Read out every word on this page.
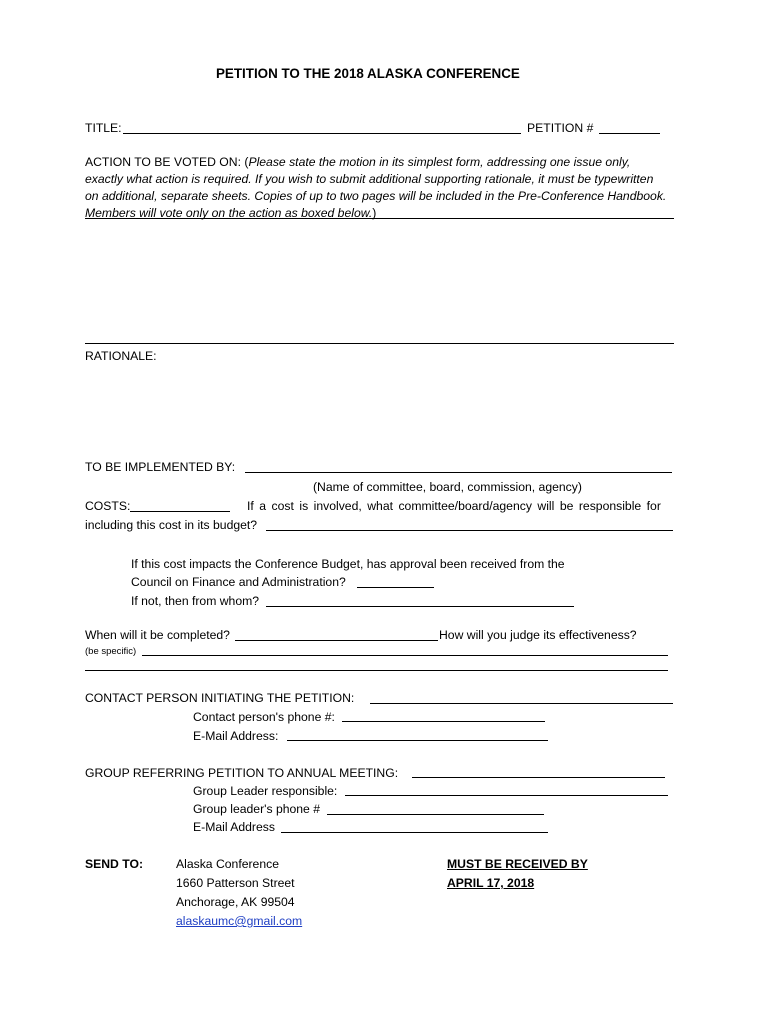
PETITION TO THE 2018 ALASKA CONFERENCE
TITLE:	PETITION #
ACTION TO BE VOTED ON: (Please state the motion in its simplest form, addressing one issue only,
exactly what action is required. If you wish to submit additional supporting rationale, it must be typewritten
on additional, separate sheets. Copies of up to two pages will be included in the Pre-Conference Handbook.
Members will vote only on the action as boxed below.)
RATIONALE:
TO BE IMPLEMENTED BY:
(Name of committee, board, commission, agency)
COSTS:	If a cost is involved, what committee/board/agency will be responsible for
including this cost in its budget?
If this cost impacts the Conference Budget, has approval been received from the
Council on Finance and Administration?
If not, then from whom?
When will it be completed?	How will you judge its effectiveness?
(be specific)
CONTACT PERSON INITIATING THE PETITION:
Contact person's phone #:
E-Mail Address:
GROUP REFERRING PETITION TO ANNUAL MEETING:
Group Leader responsible:
Group leader's phone #
E-Mail Address
SEND TO:	Alaska Conference
1660 Patterson Street
Anchorage, AK 99504
alaskaumc@gmail.com
MUST BE RECEIVED BY
APRIL 17, 2018
